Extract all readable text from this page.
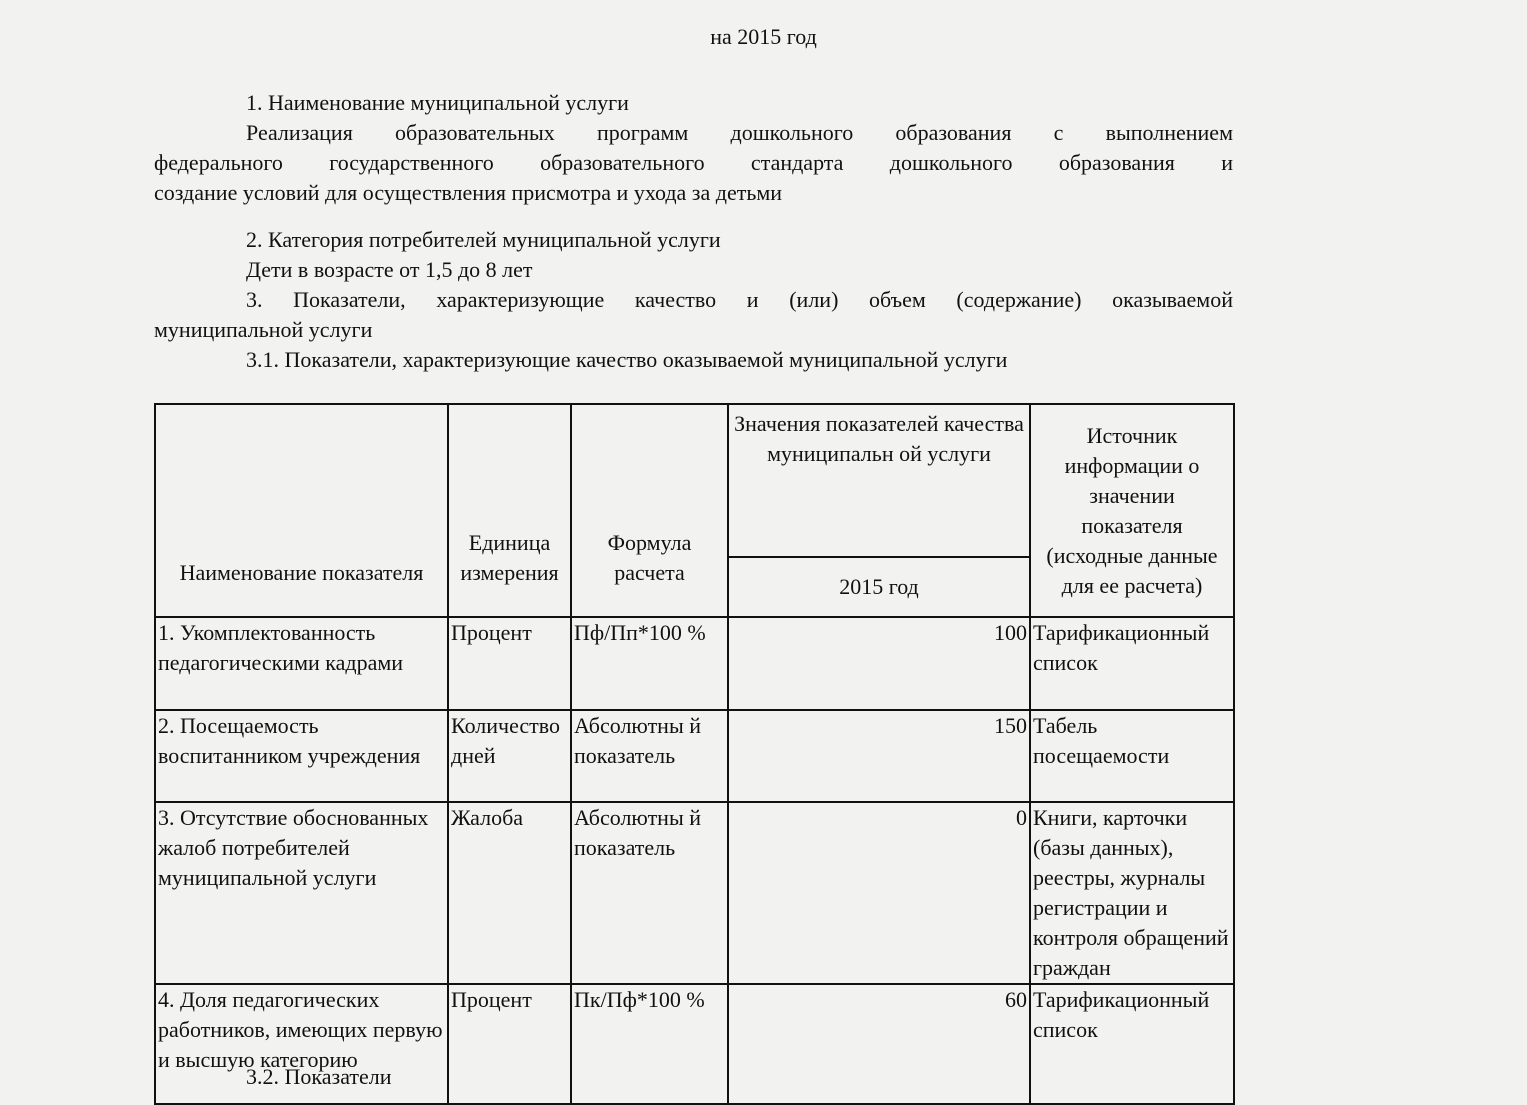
на 2015 год
1. Наименование муниципальной услуги
Реализация образовательных программ дошкольного образования с выполнением
федерального государственного образовательного стандарта дошкольного образования и
создание условий для осуществления присмотра и ухода за детьми
2. Категория потребителей муниципальной услуги
Дети в возрасте от 1,5 до 8 лет
3. Показатели, характеризующие качество и (или) объем (содержание) оказываемой
муниципальной услуги
3.1. Показатели, характеризующие качество оказываемой муниципальной услуги
Наименование показателя	Единица измерения	Формула расчета	Значения показателей качества муниципальн ой услуги	Источник информации о значении показателя (исходные данные для ее расчета)
			2015 год	
1. Укомплектованность педагогическими кадрами	Процент	Пф/Пп*100 %	100	Тарификационный список
2. Посещаемость воспитанником учреждения	Количество дней	Абсолютны й показатель	150	Табель посещаемости
3. Отсутствие обоснованных жалоб потребителей муниципальной услуги	Жалоба	Абсолютны й показатель	0	Книги, карточки (базы данных), реестры, журналы регистрации и контроля обращений граждан
4. Доля педагогических работников, имеющих первую и высшую категорию	Процент	Пк/Пф*100 %	60	Тарификационный список
3.2. Показатели
